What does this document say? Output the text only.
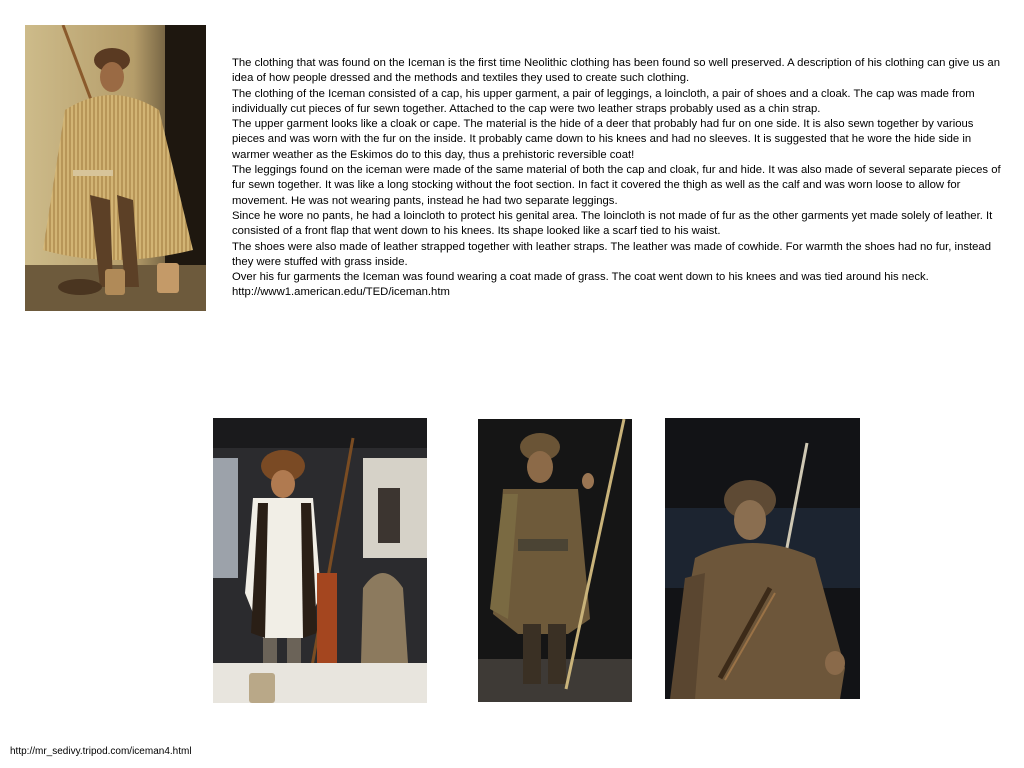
The clothing that was found on the Iceman is the first time Neolithic clothing has been found so well preserved. A description of his clothing can give us an idea of how people dressed and the methods and textiles they used to create such clothing.

The clothing of the Iceman consisted of a cap, his upper garment, a pair of leggings, a loincloth, a pair of shoes and a cloak. The cap was made from individually cut pieces of fur sewn together. Attached to the cap were two leather straps probably used as a chin strap.

The upper garment looks like a cloak or cape. The material is the hide of a deer that probably had fur on one side. It is also sewn together by various pieces and was worn with the fur on the inside. It probably came down to his knees and had no sleeves. It is suggested that he wore the hide side in warmer weather as the Eskimos do to this day, thus a prehistoric reversible coat!

The leggings found on the iceman were made of the same material of both the cap and cloak, fur and hide. It was also made of several separate pieces of fur sewn together. It was like a long stocking without the foot section. In fact it covered the thigh as well as the calf and was worn loose to allow for movement. He was not wearing pants, instead he had two separate leggings.

Since he wore no pants, he had a loincloth to protect his genital area. The loincloth is not made of fur as the other garments yet made solely of leather. It consisted of a front flap that went down to his knees. Its shape looked like a scarf tied to his waist.

The shoes were also made of leather strapped together with leather straps. The leather was made of cowhide. For warmth the shoes had no fur, instead they were stuffed with grass inside.

Over his fur garments the Iceman was found wearing a coat made of grass. The coat went down to his knees and was tied around his neck.

http://www1.american.edu/TED/iceman.htm

http://mr_sedivy.tripod.com/iceman4.html
